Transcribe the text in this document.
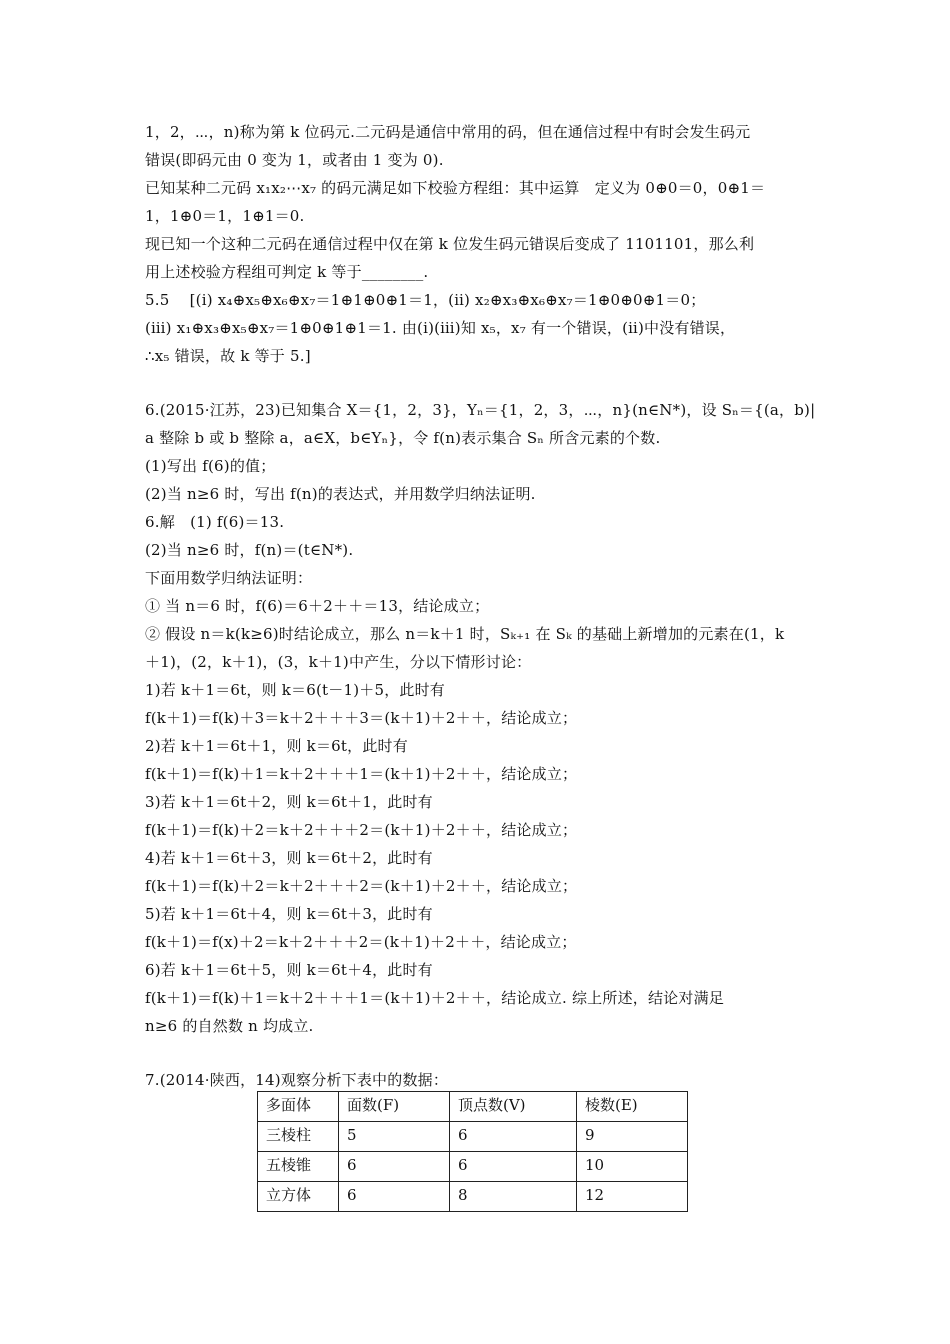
1，2，⋯，n)称为第 k 位码元.二元码是通信中常用的码，但在通信过程中有时会发生码元
错误(即码元由 0 变为 1，或者由 1 变为 0).
已知某种二元码 x₁x₂⋯x₇ 的码元满足如下校验方程组：其中运算　定义为 0⊕0＝0，0⊕1＝
1，1⊕0＝1，1⊕1＝0.
现已知一个这种二元码在通信过程中仅在第 k 位发生码元错误后变成了 1101101，那么利
用上述校验方程组可判定 k 等于________.
5.5　 [(ⅰ) x₄⊕x₅⊕x₆⊕x₇＝1⊕1⊕0⊕1＝1，(ⅱ) x₂⊕x₃⊕x₆⊕x₇＝1⊕0⊕0⊕1＝0；
(ⅲ) x₁⊕x₃⊕x₅⊕x₇＝1⊕0⊕1⊕1＝1. 由(ⅰ)(ⅲ)知 x₅，x₇ 有一个错误，(ⅱ)中没有错误，
∴x₅ 错误，故 k 等于 5.]
6.(2015·江苏，23)已知集合 X＝{1，2，3}，Yₙ＝{1，2，3，⋯，n}(n∈N*)，设 Sₙ＝{(a，b)|
a 整除 b 或 b 整除 a，a∈X，b∈Yₙ}，令 f(n)表示集合 Sₙ 所含元素的个数.
(1)写出 f(6)的值；
(2)当 n≥6 时，写出 f(n)的表达式，并用数学归纳法证明.
6.解　(1) f(6)＝13.
(2)当 n≥6 时，f(n)＝(t∈N*).
下面用数学归纳法证明：
① 当 n＝6 时，f(6)＝6＋2＋＋＝13，结论成立；
② 假设 n＝k(k≥6)时结论成立，那么 n＝k＋1 时，Sₖ₊₁ 在 Sₖ 的基础上新增加的元素在(1，k
＋1)，(2，k＋1)，(3，k＋1)中产生，分以下情形讨论：
1)若 k＋1＝6t，则 k＝6(t－1)＋5，此时有
f(k＋1)＝f(k)＋3＝k＋2＋＋＋3＝(k＋1)＋2＋＋，结论成立；
2)若 k＋1＝6t＋1，则 k＝6t，此时有
f(k＋1)＝f(k)＋1＝k＋2＋＋＋1＝(k＋1)＋2＋＋，结论成立；
3)若 k＋1＝6t＋2，则 k＝6t＋1，此时有
f(k＋1)＝f(k)＋2＝k＋2＋＋＋2＝(k＋1)＋2＋＋，结论成立；
4)若 k＋1＝6t＋3，则 k＝6t＋2，此时有
f(k＋1)＝f(k)＋2＝k＋2＋＋＋2＝(k＋1)＋2＋＋，结论成立；
5)若 k＋1＝6t＋4，则 k＝6t＋3，此时有
f(k＋1)＝f(x)＋2＝k＋2＋＋＋2＝(k＋1)＋2＋＋，结论成立；
6)若 k＋1＝6t＋5，则 k＝6t＋4，此时有
f(k＋1)＝f(k)＋1＝k＋2＋＋＋1＝(k＋1)＋2＋＋，结论成立. 综上所述，结论对满足
n≥6 的自然数 n 均成立.
7.(2014·陕西，14)观察分析下表中的数据：
多面体	面数(F)	顶点数(V)	棱数(E)
三棱柱	5	6	9
五棱锥	6	6	10
立方体	6	8	12
